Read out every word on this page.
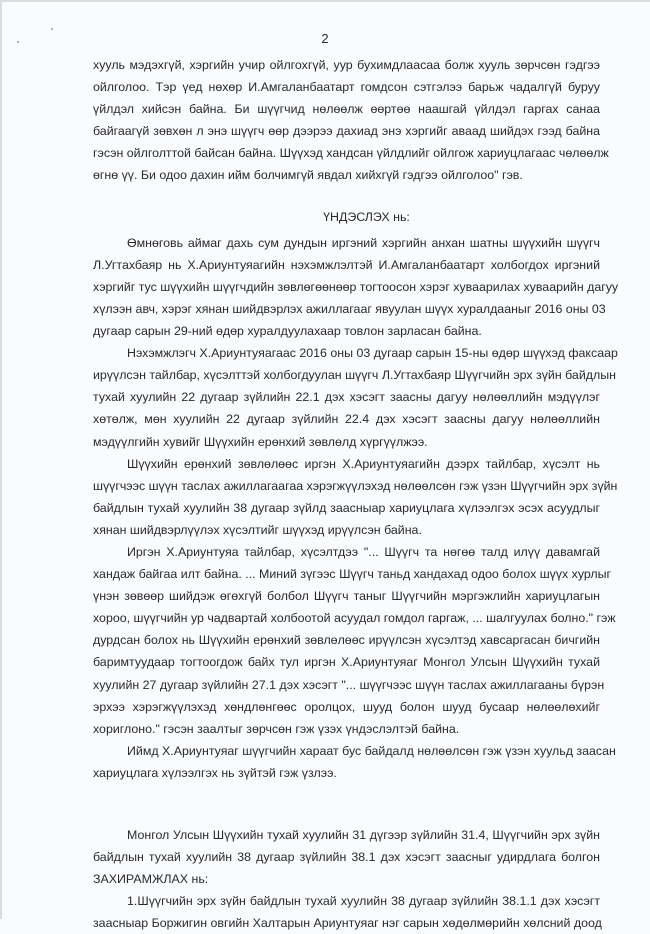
2
хууль мэдэхгүй, хэргийн учир ойлгохгүй, уур бухимдлаасаа болж хууль зөрчсөн гэдгээ
ойлголоо. Тэр үед нөхөр И.Амгаланбаатарт гомдсон сэтгэлээ барьж чадалгүй буруу
үйлдэл хийсэн байна. Би шүүгчид нөлөөлж өөртөө наашгай үйлдэл гаргах санаа
байгаагүй зөвхөн л энэ шүүгч өөр дээрээ дахиад энэ хэргийг аваад шийдэх гээд байна
гэсэн ойлголттой байсан байна. Шүүхэд хандсан үйлдлийг ойлгож хариуцлагаас чөлөөлж
өгнө үү. Би одоо дахин ийм болчимгүй явдал хийхгүй гэдгээ ойлголоо" гэв.
ҮНДЭСЛЭХ нь:
Өмнөговь аймаг дахь сум дундын иргэний хэргийн анхан шатны шүүхийн шүүгч
Л.Угтахбаяр нь Х.Ариунтуяагийн нэхэмжлэлтэй И.Амгаланбаатарт холбогдох иргэний
хэргийг тус шүүхийн шүүгчдийн зөвлөгөөнөөр тогтоосон хэрэг хуваарилах хуваарийн дагуу
хүлээн авч, хэрэг хянан шийдвэрлэх ажиллагааг явуулан шүүх хуралдааныг 2016 оны 03
дугаар сарын 29-ний өдөр хуралдуулахаар товлон зарласан байна.
Нэхэмжлэгч Х.Ариунтуяагаас 2016 оны 03 дугаар сарын 15-ны өдөр шүүхэд факсаар
ирүүлсэн тайлбар, хүсэлттэй холбогдуулан шүүгч Л.Угтахбаяр Шүүгчийн эрх зүйн байдлын
тухай хуулийн 22 дугаар зүйлийн 22.1 дэх хэсэгт заасны дагуу нөлөөллийн мэдүүлэг
хөтөлж, мөн хуулийн 22 дугаар зүйлийн 22.4 дэх хэсэгт заасны дагуу нөлөөллийн
мэдүүлгийн хувийг Шүүхийн ерөнхий зөвлөлд хүргүүлжээ.
Шүүхийн ерөнхий зөвлөлөөс иргэн Х.Ариунтуяагийн дээрх тайлбар, хүсэлт нь
шүүгчээс шүүн таслах ажиллагаагаа хэрэгжүүлэхэд нөлөөлсөн гэж үзэн Шүүгчийн эрх зүйн
байдлын тухай хуулийн 38 дугаар зүйлд заасныар хариуцлага хүлээлгэх эсэх асуудлыг
хянан шийдвэрлүүлэх хүсэлтийг шүүхэд ирүүлсэн байна.
Иргэн Х.Ариунтуяа тайлбар, хүсэлтдээ "... Шүүгч та нөгөө талд илүү давамгай
хандаж байгаа илт байна. ... Миний зүгээс Шүүгч таньд хандахад одоо болох шүүх хурлыг
үнэн зөвөөр шийдэж өгөхгүй болбол Шүүгч таныг Шүүгчийн мэргэжлийн хариуцлагын
хороо, шүүгчийн ур чадвартай холбоотой асуудал гомдол гаргаж, ... шалгуулах болно." гэж
дурдсан болох нь Шүүхийн ерөнхий зөвлөлөөс ирүүлсэн хүсэлтэд хавсаргасан бичгийн
баримтуудаар тогтоогдож байх тул иргэн Х.Ариунтуяаг Монгол Улсын Шүүхийн тухай
хуулийн 27 дугаар зүйлийн 27.1 дэх хэсэгт "... шүүгчээс шүүн таслах ажиллагааны бүрэн
эрхээ хэрэгжүүлэхэд хөндлөнгөөс оролцох, шууд болон шууд бусаар нөлөөлөхийг
хориглоно." гэсэн заалтыг зөрчсөн гэж үзэх үндэслэлтэй байна.
Иймд Х.Ариунтуяаг шүүгчийн хараат бус байдалд нөлөөлсөн гэж үзэн хуульд заасан
хариуцлага хүлээлгэх нь зүйтэй гэж үзлээ.
Монгол Улсын Шүүхийн тухай хуулийн 31 дүгээр зүйлийн 31.4, Шүүгчийн эрх зүйн
байдлын тухай хуулийн 38 дугаар зүйлийн 38.1 дэх хэсэгт заасныг удирдлага болгон
ЗАХИРАМЖЛАХ нь:
1.Шүүгчийн эрх зүйн байдлын тухай хуулийн 38 дугаар зүйлийн 38.1.1 дэх хэсэгт
заасныар Боржигин овгийн Халтарын Ариунтуяаг нэг сарын хөдөлмөрийн хөлсний доод
